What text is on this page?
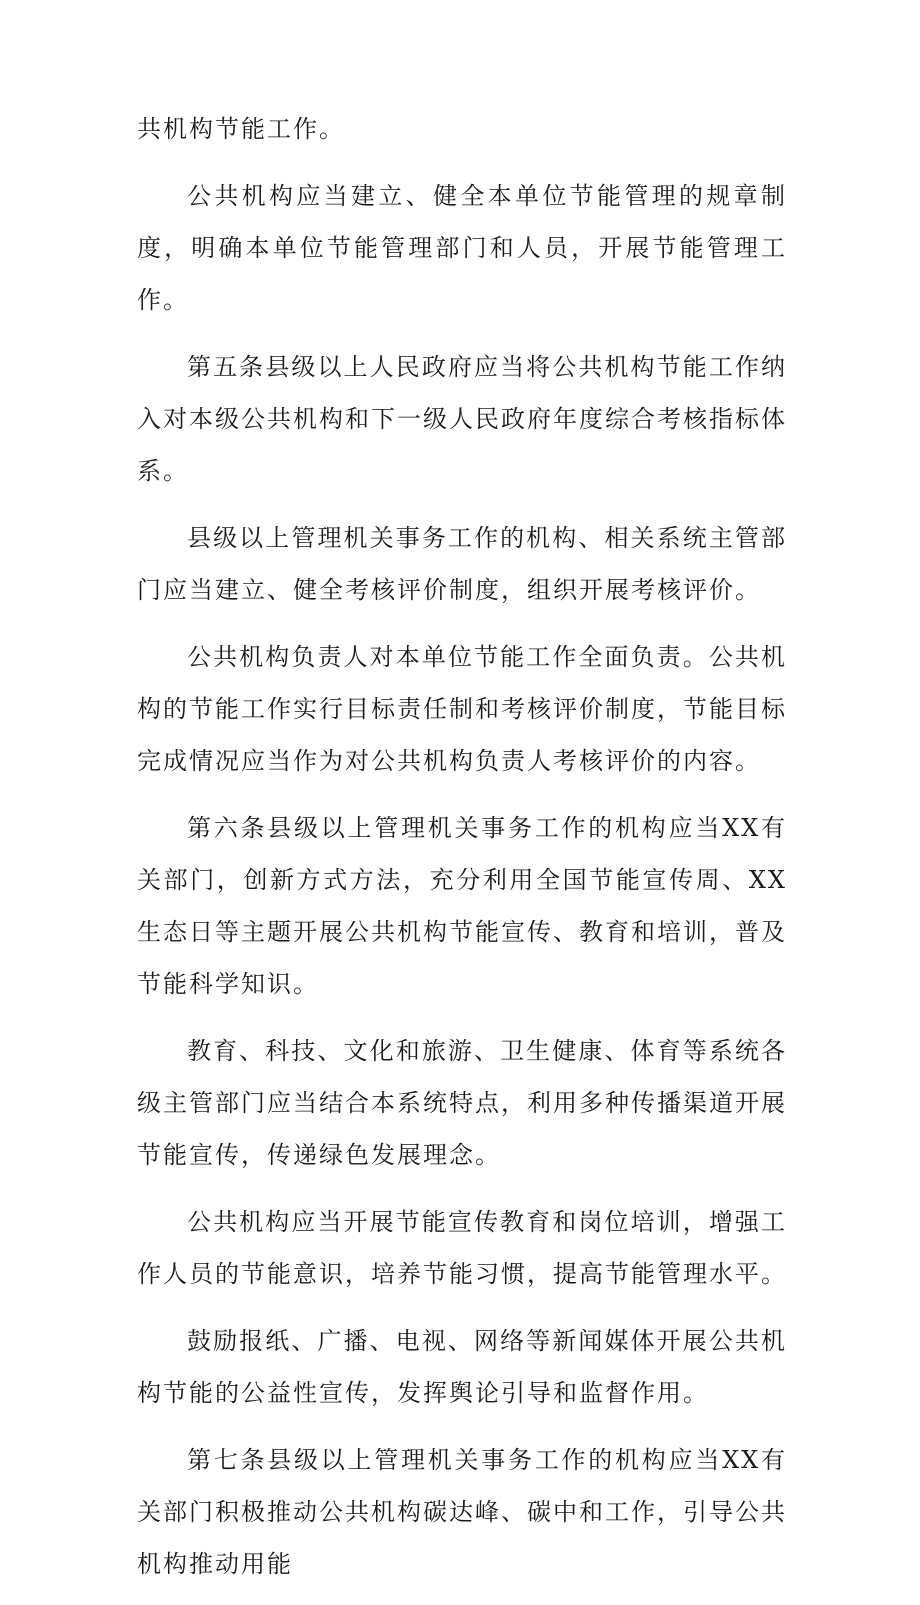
共机构节能工作。

公共机构应当建立、健全本单位节能管理的规章制度，明确本单位节能管理部门和人员，开展节能管理工作。

第五条县级以上人民政府应当将公共机构节能工作纳入对本级公共机构和下一级人民政府年度综合考核指标体系。

县级以上管理机关事务工作的机构、相关系统主管部门应当建立、健全考核评价制度，组织开展考核评价。

公共机构负责人对本单位节能工作全面负责。公共机构的节能工作实行目标责任制和考核评价制度，节能目标完成情况应当作为对公共机构负责人考核评价的内容。

第六条县级以上管理机关事务工作的机构应当XX有关部门，创新方式方法，充分利用全国节能宣传周、XX生态日等主题开展公共机构节能宣传、教育和培训，普及节能科学知识。

教育、科技、文化和旅游、卫生健康、体育等系统各级主管部门应当结合本系统特点，利用多种传播渠道开展节能宣传，传递绿色发展理念。

公共机构应当开展节能宣传教育和岗位培训，增强工作人员的节能意识，培养节能习惯，提高节能管理水平。

鼓励报纸、广播、电视、网络等新闻媒体开展公共机构节能的公益性宣传，发挥舆论引导和监督作用。

第七条县级以上管理机关事务工作的机构应当XX有关部门积极推动公共机构碳达峰、碳中和工作，引导公共机构推动用能
